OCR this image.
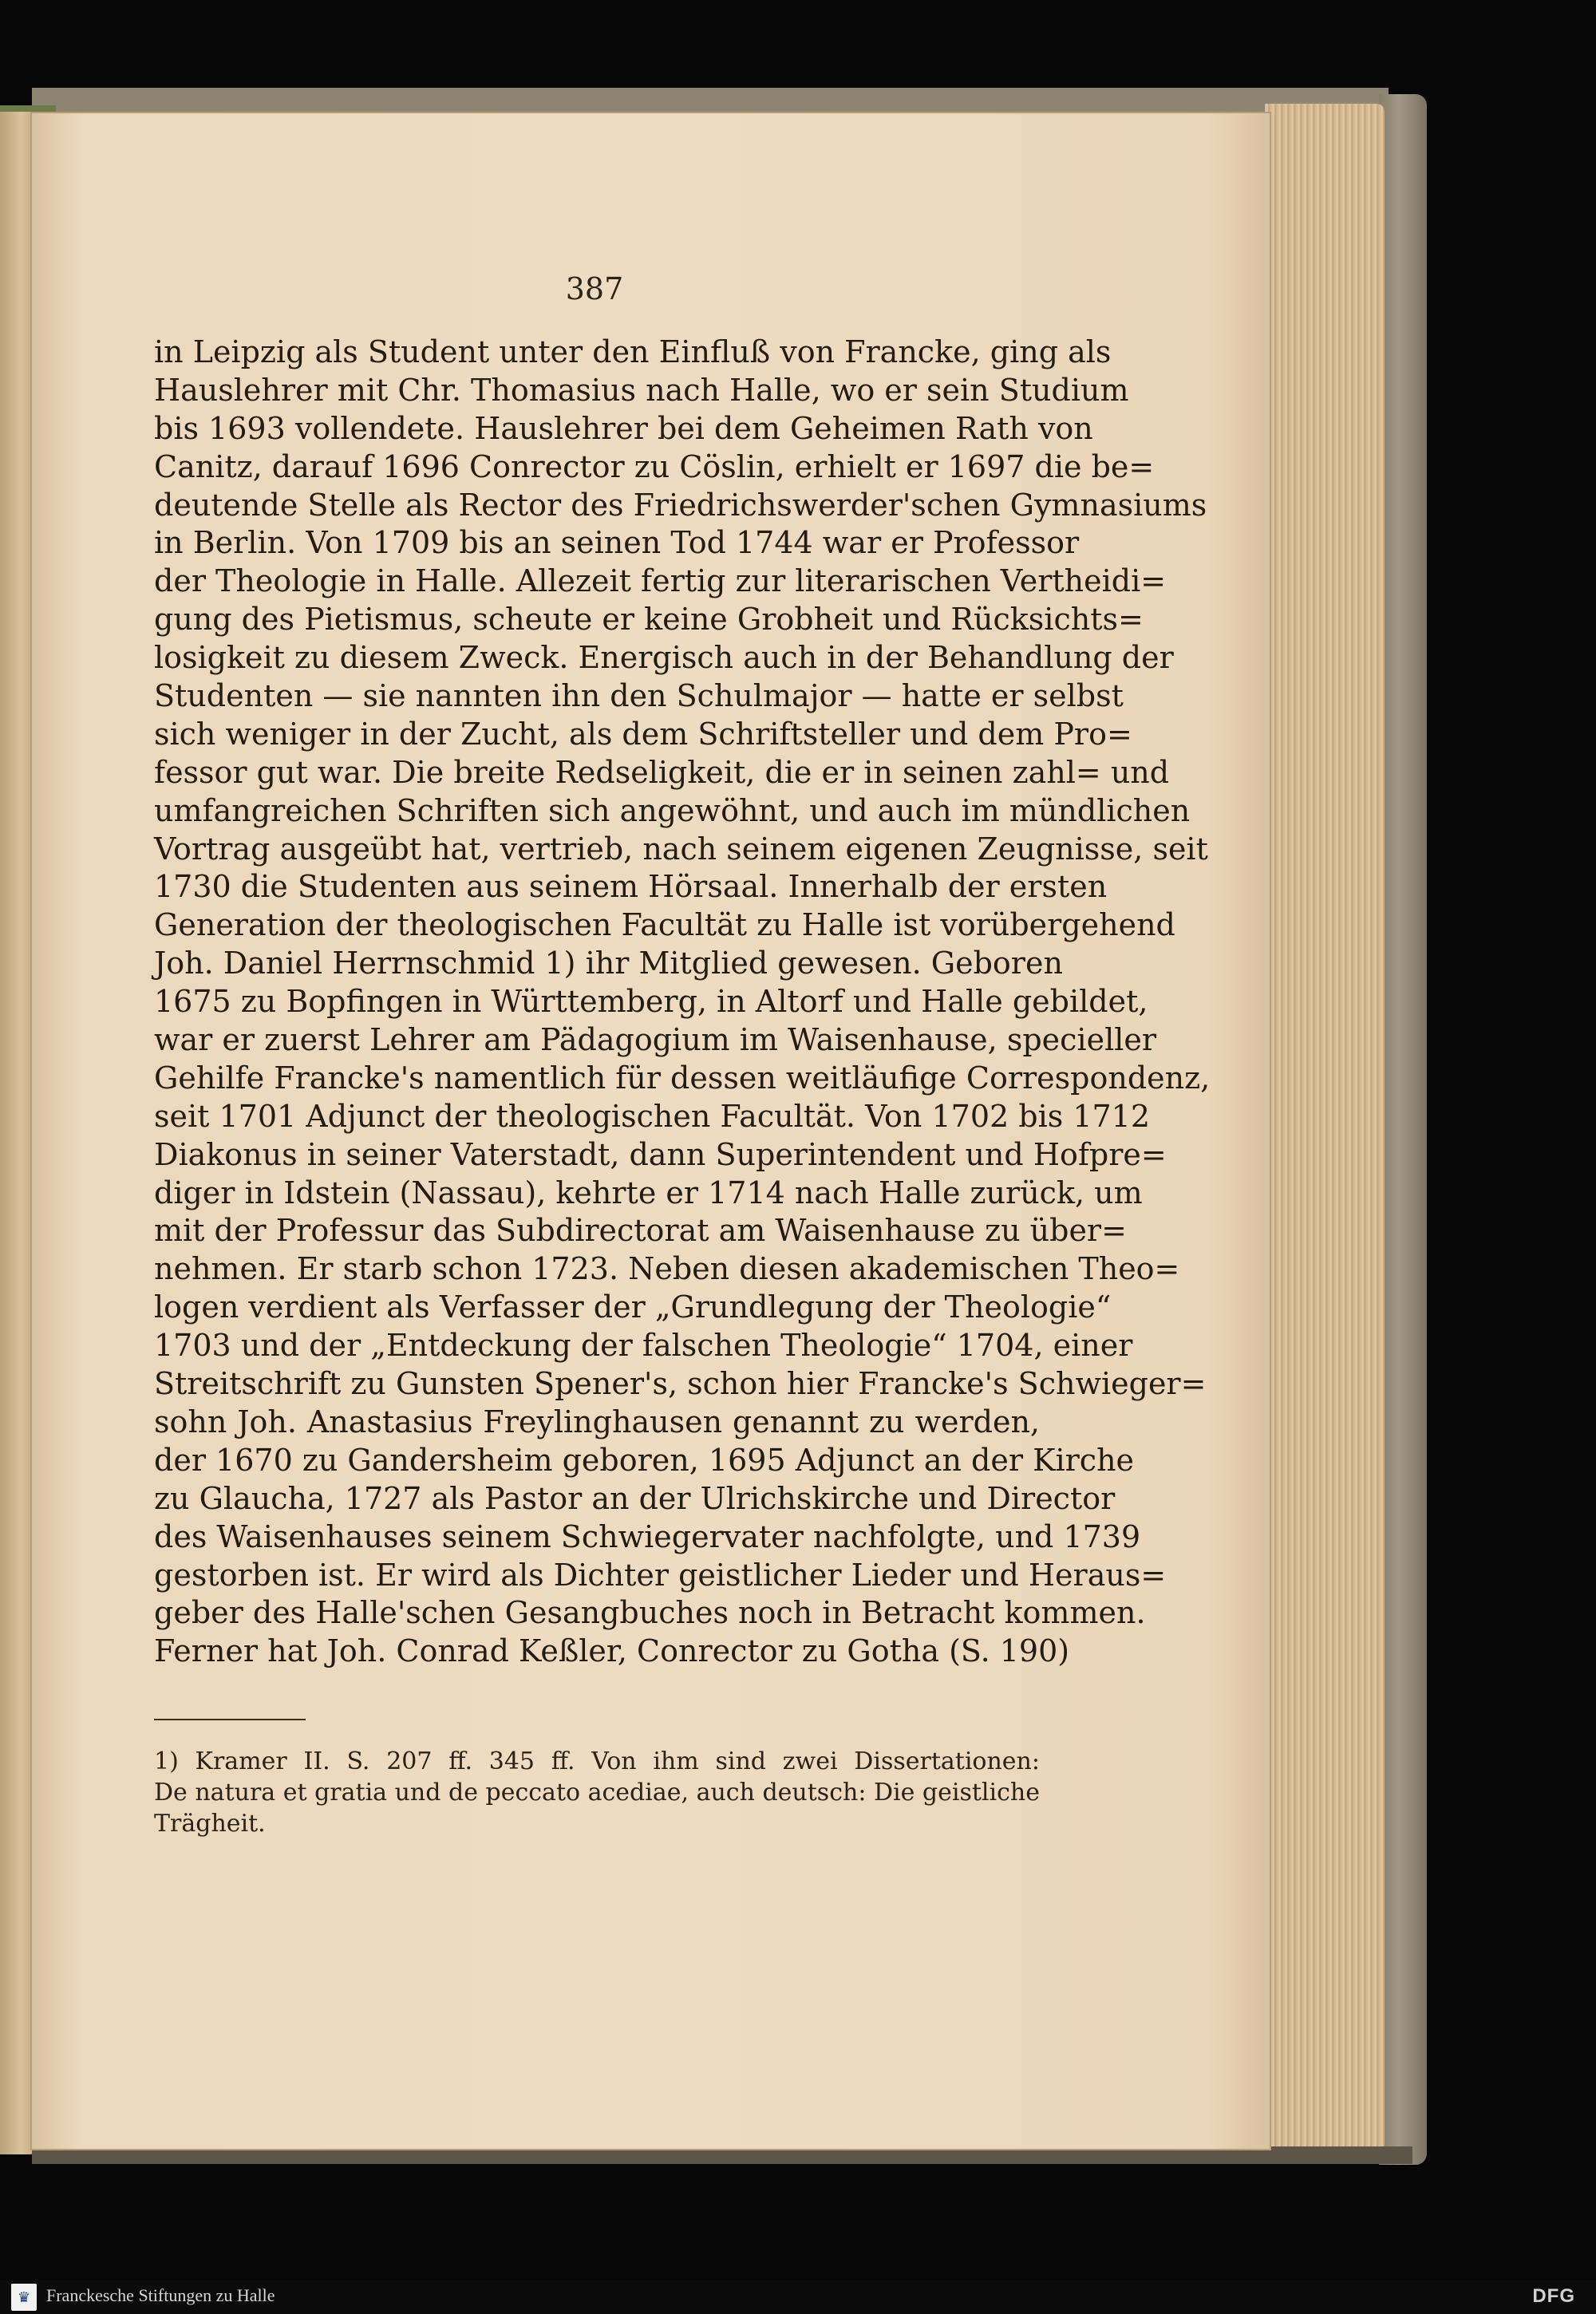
387
in Leipzig als Student unter den Einfluß von Francke, ging als
Hauslehrer mit Chr. Thomasius nach Halle, wo er sein Studium
bis 1693 vollendete. Hauslehrer bei dem Geheimen Rath von
Canitz, darauf 1696 Conrector zu Cöslin, erhielt er 1697 die be=
deutende Stelle als Rector des Friedrichswerder'schen Gymnasiums
in Berlin. Von 1709 bis an seinen Tod 1744 war er Professor
der Theologie in Halle. Allezeit fertig zur literarischen Vertheidi=
gung des Pietismus, scheute er keine Grobheit und Rücksichts=
losigkeit zu diesem Zweck. Energisch auch in der Behandlung der
Studenten — sie nannten ihn den Schulmajor — hatte er selbst
sich weniger in der Zucht, als dem Schriftsteller und dem Pro=
fessor gut war. Die breite Redseligkeit, die er in seinen zahl= und
umfangreichen Schriften sich angewöhnt, und auch im mündlichen
Vortrag ausgeübt hat, vertrieb, nach seinem eigenen Zeugnisse, seit
1730 die Studenten aus seinem Hörsaal. Innerhalb der ersten
Generation der theologischen Facultät zu Halle ist vorübergehend
Joh. Daniel Herrnschmid 1) ihr Mitglied gewesen. Geboren
1675 zu Bopfingen in Württemberg, in Altorf und Halle gebildet,
war er zuerst Lehrer am Pädagogium im Waisenhause, specieller
Gehilfe Francke's namentlich für dessen weitläufige Correspondenz,
seit 1701 Adjunct der theologischen Facultät. Von 1702 bis 1712
Diakonus in seiner Vaterstadt, dann Superintendent und Hofpre=
diger in Idstein (Nassau), kehrte er 1714 nach Halle zurück, um
mit der Professur das Subdirectorat am Waisenhause zu über=
nehmen. Er starb schon 1723. Neben diesen akademischen Theo=
logen verdient als Verfasser der „Grundlegung der Theologie“
1703 und der „Entdeckung der falschen Theologie“ 1704, einer
Streitschrift zu Gunsten Spener's, schon hier Francke's Schwieger=
sohn Joh. Anastasius Freylinghausen genannt zu werden,
der 1670 zu Gandersheim geboren, 1695 Adjunct an der Kirche
zu Glaucha, 1727 als Pastor an der Ulrichskirche und Director
des Waisenhauses seinem Schwiegervater nachfolgte, und 1739
gestorben ist. Er wird als Dichter geistlicher Lieder und Heraus=
geber des Halle'schen Gesangbuches noch in Betracht kommen.
Ferner hat Joh. Conrad Keßler, Conrector zu Gotha (S. 190)
1) Kramer II. S. 207 ff. 345 ff. Von ihm sind zwei Dissertationen:
De natura et gratia und de peccato acediae, auch deutsch: Die geistliche
Trägheit.
♛ Franckesche Stiftungen zu Halle	DFG
